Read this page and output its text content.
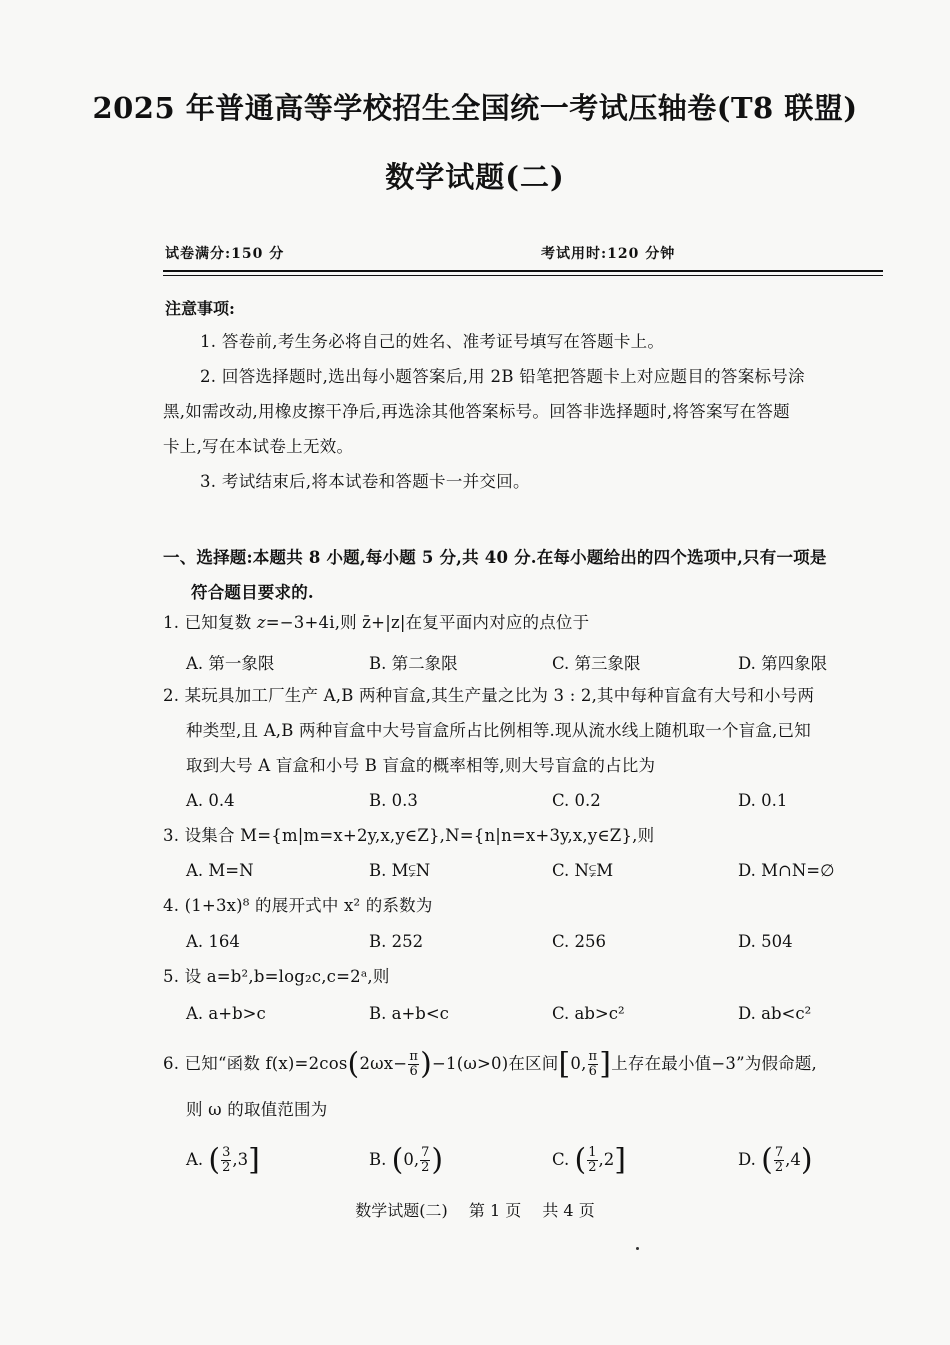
2025 年普通高等学校招生全国统一考试压轴卷(T8 联盟)
数学试题(二)
试卷满分:150 分	考试用时:120 分钟
注意事项:
1. 答卷前,考生务必将自己的姓名、准考证号填写在答题卡上。
2. 回答选择题时,选出每小题答案后,用 2B 铅笔把答题卡上对应题目的答案标号涂
黑,如需改动,用橡皮擦干净后,再选涂其他答案标号。回答非选择题时,将答案写在答题
卡上,写在本试卷上无效。
3. 考试结束后,将本试卷和答题卡一并交回。
一、选择题:本题共 8 小题,每小题 5 分,共 40 分.在每小题给出的四个选项中,只有一项是
符合题目要求的.
1. 已知复数 z=−3+4i,则 z̄+|z|在复平面内对应的点位于
A. 第一象限	B. 第二象限	C. 第三象限	D. 第四象限
2. 某玩具加工厂生产 A,B 两种盲盒,其生产量之比为 3 : 2,其中每种盲盒有大号和小号两
种类型,且 A,B 两种盲盒中大号盲盒所占比例相等.现从流水线上随机取一个盲盒,已知
取到大号 A 盲盒和小号 B 盲盒的概率相等,则大号盲盒的占比为
A. 0.4	B. 0.3	C. 0.2	D. 0.1
3. 设集合 M={m|m=x+2y,x,y∈Z},N={n|n=x+3y,x,y∈Z},则
A. M=N	B. M⫋N	C. N⫋M	D. M∩N=∅
4. (1+3x)⁸ 的展开式中 x² 的系数为
A. 164	B. 252	C. 256	D. 504
5. 设 a=b²,b=log₂c,c=2ᵃ,则
A. a+b>c	B. a+b<c	C. ab>c²	D. ab<c²
6. 已知“函数 $f(x)=2\cos(2\omega x- \frac{\pi}{6} )-1(\omega>0)$在区间[0, $\frac{\pi}{6}$ ]上存在最小值−3”为假命题,
则 ω 的取值范围为
A. ( $\frac{3}{2} ,3$]	B. (0, $\frac{7}{2}$ )	C. ( $\frac{1}{2} ,2$]	D. ( $\frac{7}{2} ,4$)
数学试题(二) 第 1 页 共 4 页
